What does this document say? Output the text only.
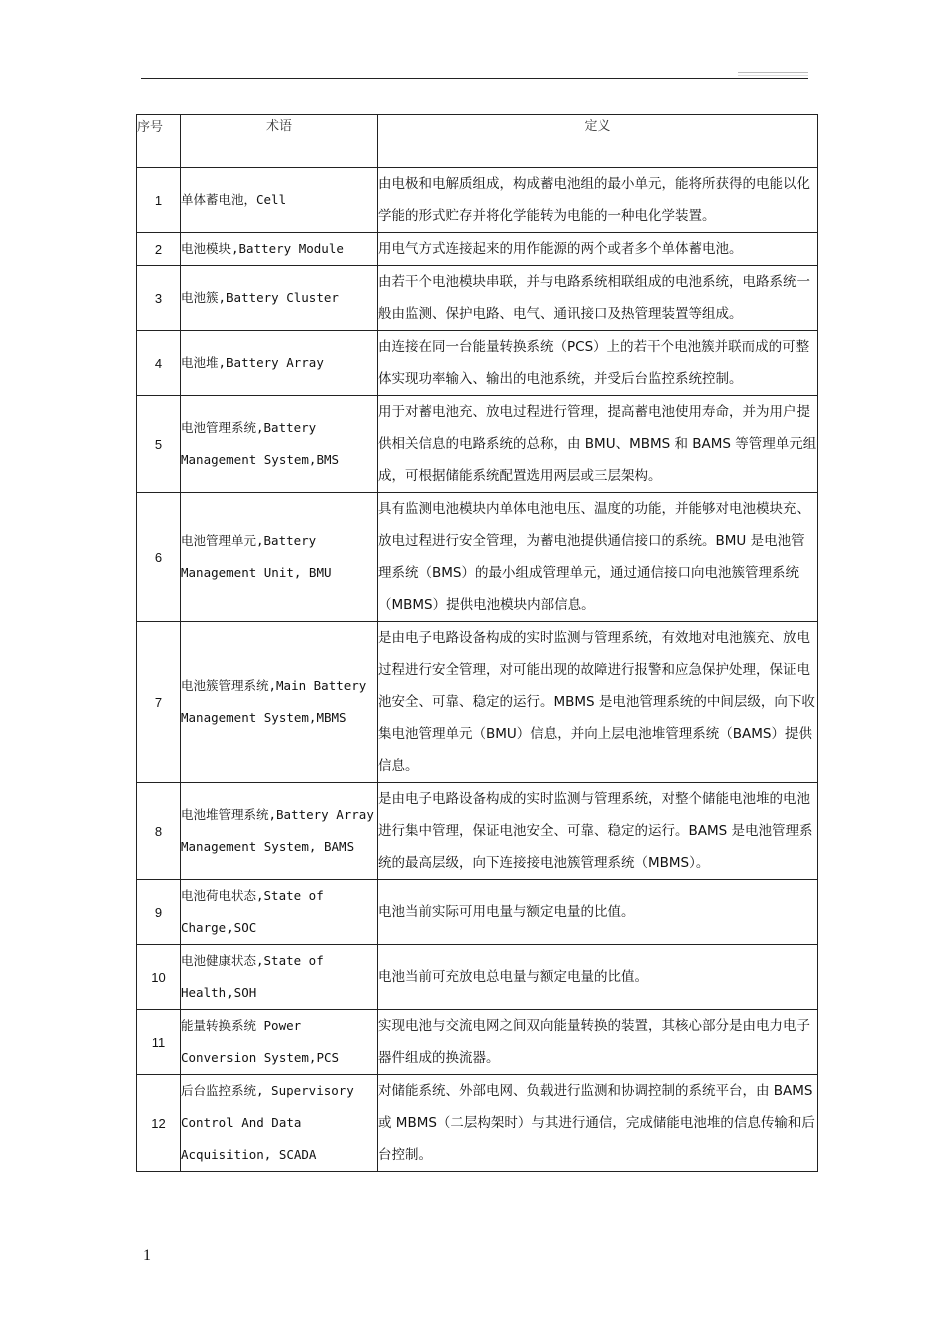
序号	术语	定义
1	单体蓄电池，Cell	由电极和电解质组成，构成蓄电池组的最小单元，能将所获得的电能以化学能的形式贮存并将化学能转为电能的一种电化学装置。
2	电池模块,Battery Module	用电气方式连接起来的用作能源的两个或者多个单体蓄电池。
3	电池簇,Battery Cluster	由若干个电池模块串联，并与电路系统相联组成的电池系统，电路系统一般由监测、保护电路、电气、通讯接口及热管理装置等组成。
4	电池堆,Battery Array	由连接在同一台能量转换系统（PCS）上的若干个电池簇并联而成的可整体实现功率输入、输出的电池系统，并受后台监控系统控制。
5	电池管理系统,Battery Management System,BMS	用于对蓄电池充、放电过程进行管理，提高蓄电池使用寿命，并为用户提供相关信息的电路系统的总称，由 BMU、MBMS 和 BAMS 等管理单元组成，可根据储能系统配置选用两层或三层架构。
6	电池管理单元,Battery Management Unit, BMU	具有监测电池模块内单体电池电压、温度的功能，并能够对电池模块充、放电过程进行安全管理，为蓄电池提供通信接口的系统。BMU 是电池管理系统（BMS）的最小组成管理单元，通过通信接口向电池簇管理系统（MBMS）提供电池模块内部信息。
7	电池簇管理系统,Main Battery Management System,MBMS	是由电子电路设备构成的实时监测与管理系统，有效地对电池簇充、放电过程进行安全管理，对可能出现的故障进行报警和应急保护处理，保证电池安全、可靠、稳定的运行。MBMS 是电池管理系统的中间层级，向下收集电池管理单元（BMU）信息，并向上层电池堆管理系统（BAMS）提供信息。
8	电池堆管理系统,Battery Array Management System, BAMS	是由电子电路设备构成的实时监测与管理系统，对整个储能电池堆的电池进行集中管理，保证电池安全、可靠、稳定的运行。BAMS 是电池管理系统的最高层级，向下连接接电池簇管理系统（MBMS）。
9	电池荷电状态,State of Charge,SOC	电池当前实际可用电量与额定电量的比值。
10	电池健康状态,State of Health,SOH	电池当前可充放电总电量与额定电量的比值。
11	能量转换系统 Power Conversion System,PCS	实现电池与交流电网之间双向能量转换的装置，其核心部分是由电力电子器件组成的换流器。
12	后台监控系统, Supervisory Control And Data Acquisition, SCADA	对储能系统、外部电网、负载进行监测和协调控制的系统平台，由 BAMS 或 MBMS（二层构架时）与其进行通信，完成储能电池堆的信息传输和后台控制。
1
